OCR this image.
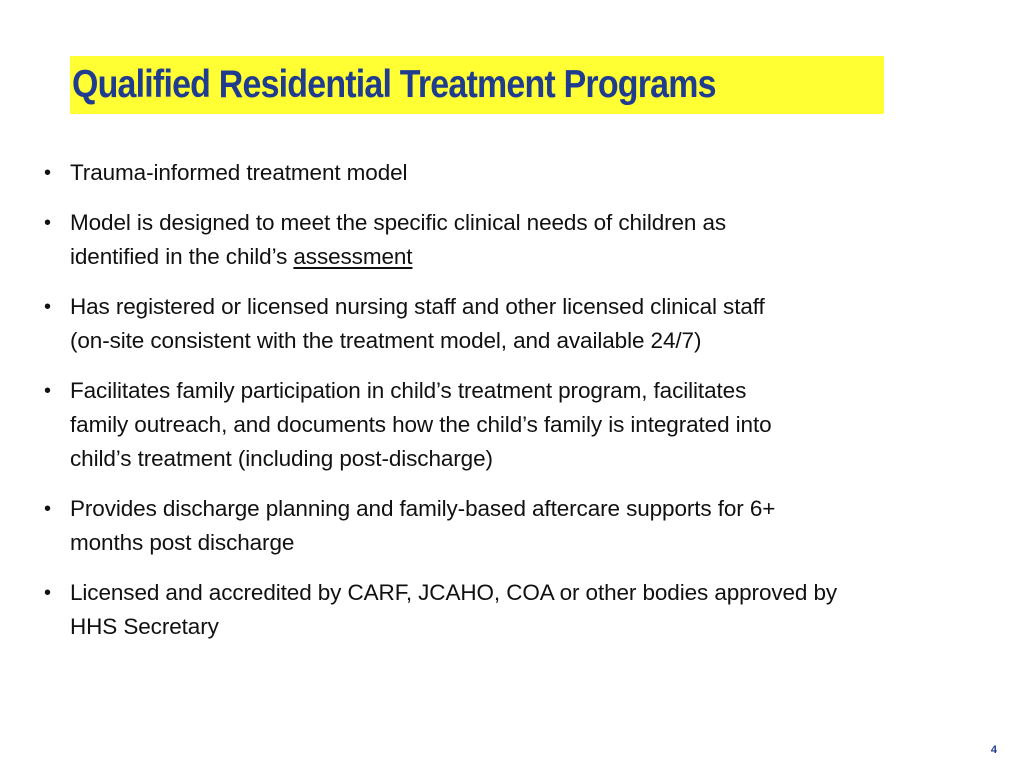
Qualified Residential Treatment Programs
• Trauma-informed treatment model
• Model is designed to meet the specific clinical needs of children as
identified in the child’s assessment
• Has registered or licensed nursing staff and other licensed clinical staff
(on-site consistent with the treatment model, and available 24/7)
• Facilitates family participation in child’s treatment program, facilitates
family outreach, and documents how the child’s family is integrated into
child’s treatment (including post-discharge)
• Provides discharge planning and family-based aftercare supports for 6+
months post discharge
• Licensed and accredited by CARF, JCAHO, COA or other bodies approved by
HHS Secretary
4
